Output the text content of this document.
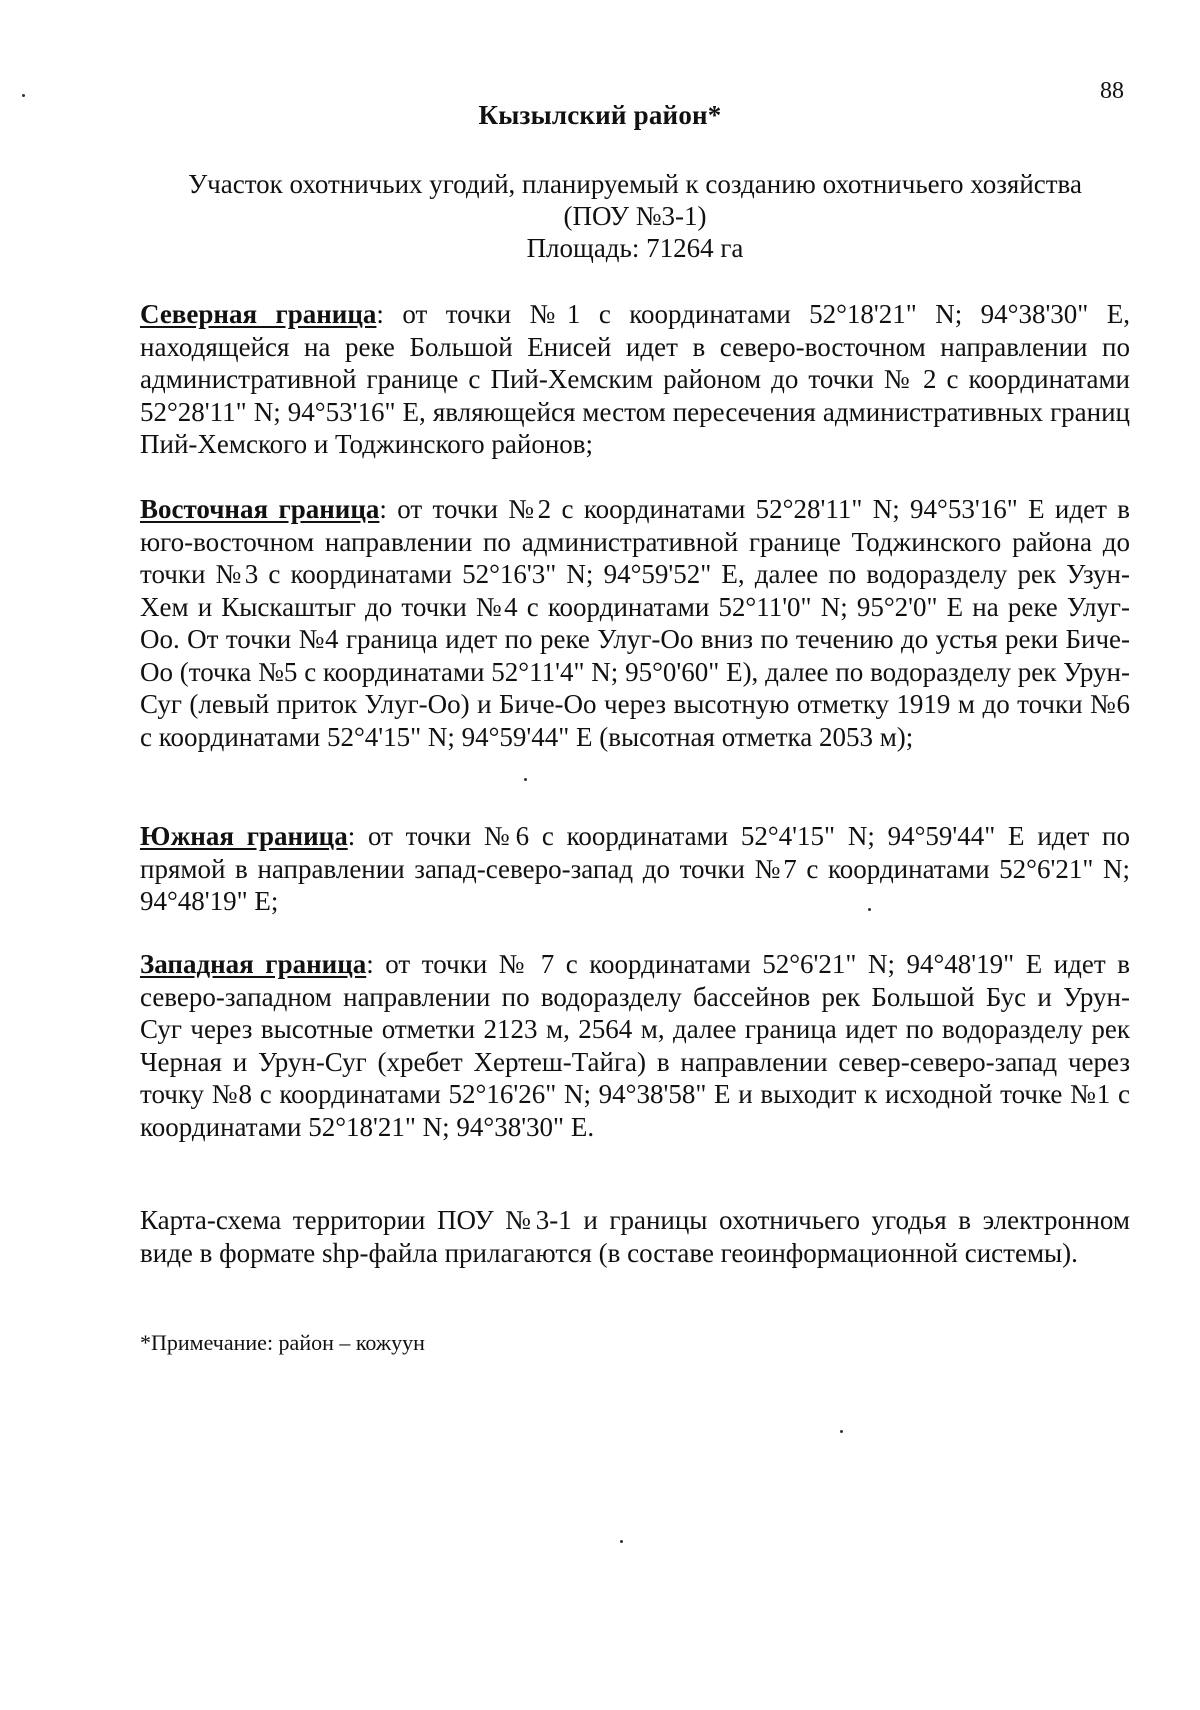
88
Кызылский район*
Участок охотничьих угодий, планируемый к созданию охотничьего хозяйства
(ПОУ №3-1)
Площадь: 71264 га

Северная граница: от точки №1 с координатами 52°18'21" N; 94°38'30" E, находящейся на реке Большой Енисей идет в северо-восточном направлении по административной границе с Пий-Хемским районом до точки № 2 с координатами 52°28'11" N; 94°53'16" E, являющейся местом пересечения административных границ Пий-Хемского и Тоджинского районов;

Восточная граница: от точки №2 с координатами 52°28'11" N; 94°53'16" E идет в юго-восточном направлении по административной границе Тоджинского района до точки №3 с координатами 52°16'3" N; 94°59'52" E, далее по водоразделу рек Узун-Хем и Кыскаштыг до точки №4 с координатами 52°11'0" N; 95°2'0" E на реке Улуг-Оо. От точки №4 граница идет по реке Улуг-Оо вниз по течению до устья реки Биче-Оо (точка №5 с координатами 52°11'4" N; 95°0'60" E), далее по водоразделу рек Урун-Суг (левый приток Улуг-Оо) и Биче-Оо через высотную отметку 1919 м до точки №6 с координатами 52°4'15" N; 94°59'44" E (высотная отметка 2053 м);

Южная граница: от точки №6 с координатами 52°4'15" N; 94°59'44" E идет по прямой в направлении запад-северо-запад до точки №7 с координатами 52°6'21" N; 94°48'19" E;

Западная граница: от точки № 7 с координатами 52°6'21" N; 94°48'19" E идет в северо-западном направлении по водоразделу бассейнов рек Большой Бус и Урун-Суг через высотные отметки 2123 м, 2564 м, далее граница идет по водоразделу рек Черная и Урун-Суг (хребет Хертеш-Тайга) в направлении север-северо-запад через точку №8 с координатами 52°16'26" N; 94°38'58" E и выходит к исходной точке №1 с координатами 52°18'21" N; 94°38'30" E.

Карта-схема территории ПОУ №3-1 и границы охотничьего угодья в электронном виде в формате shp-файла прилагаются (в составе геоинформационной системы).

*Примечание: район – кожуун
